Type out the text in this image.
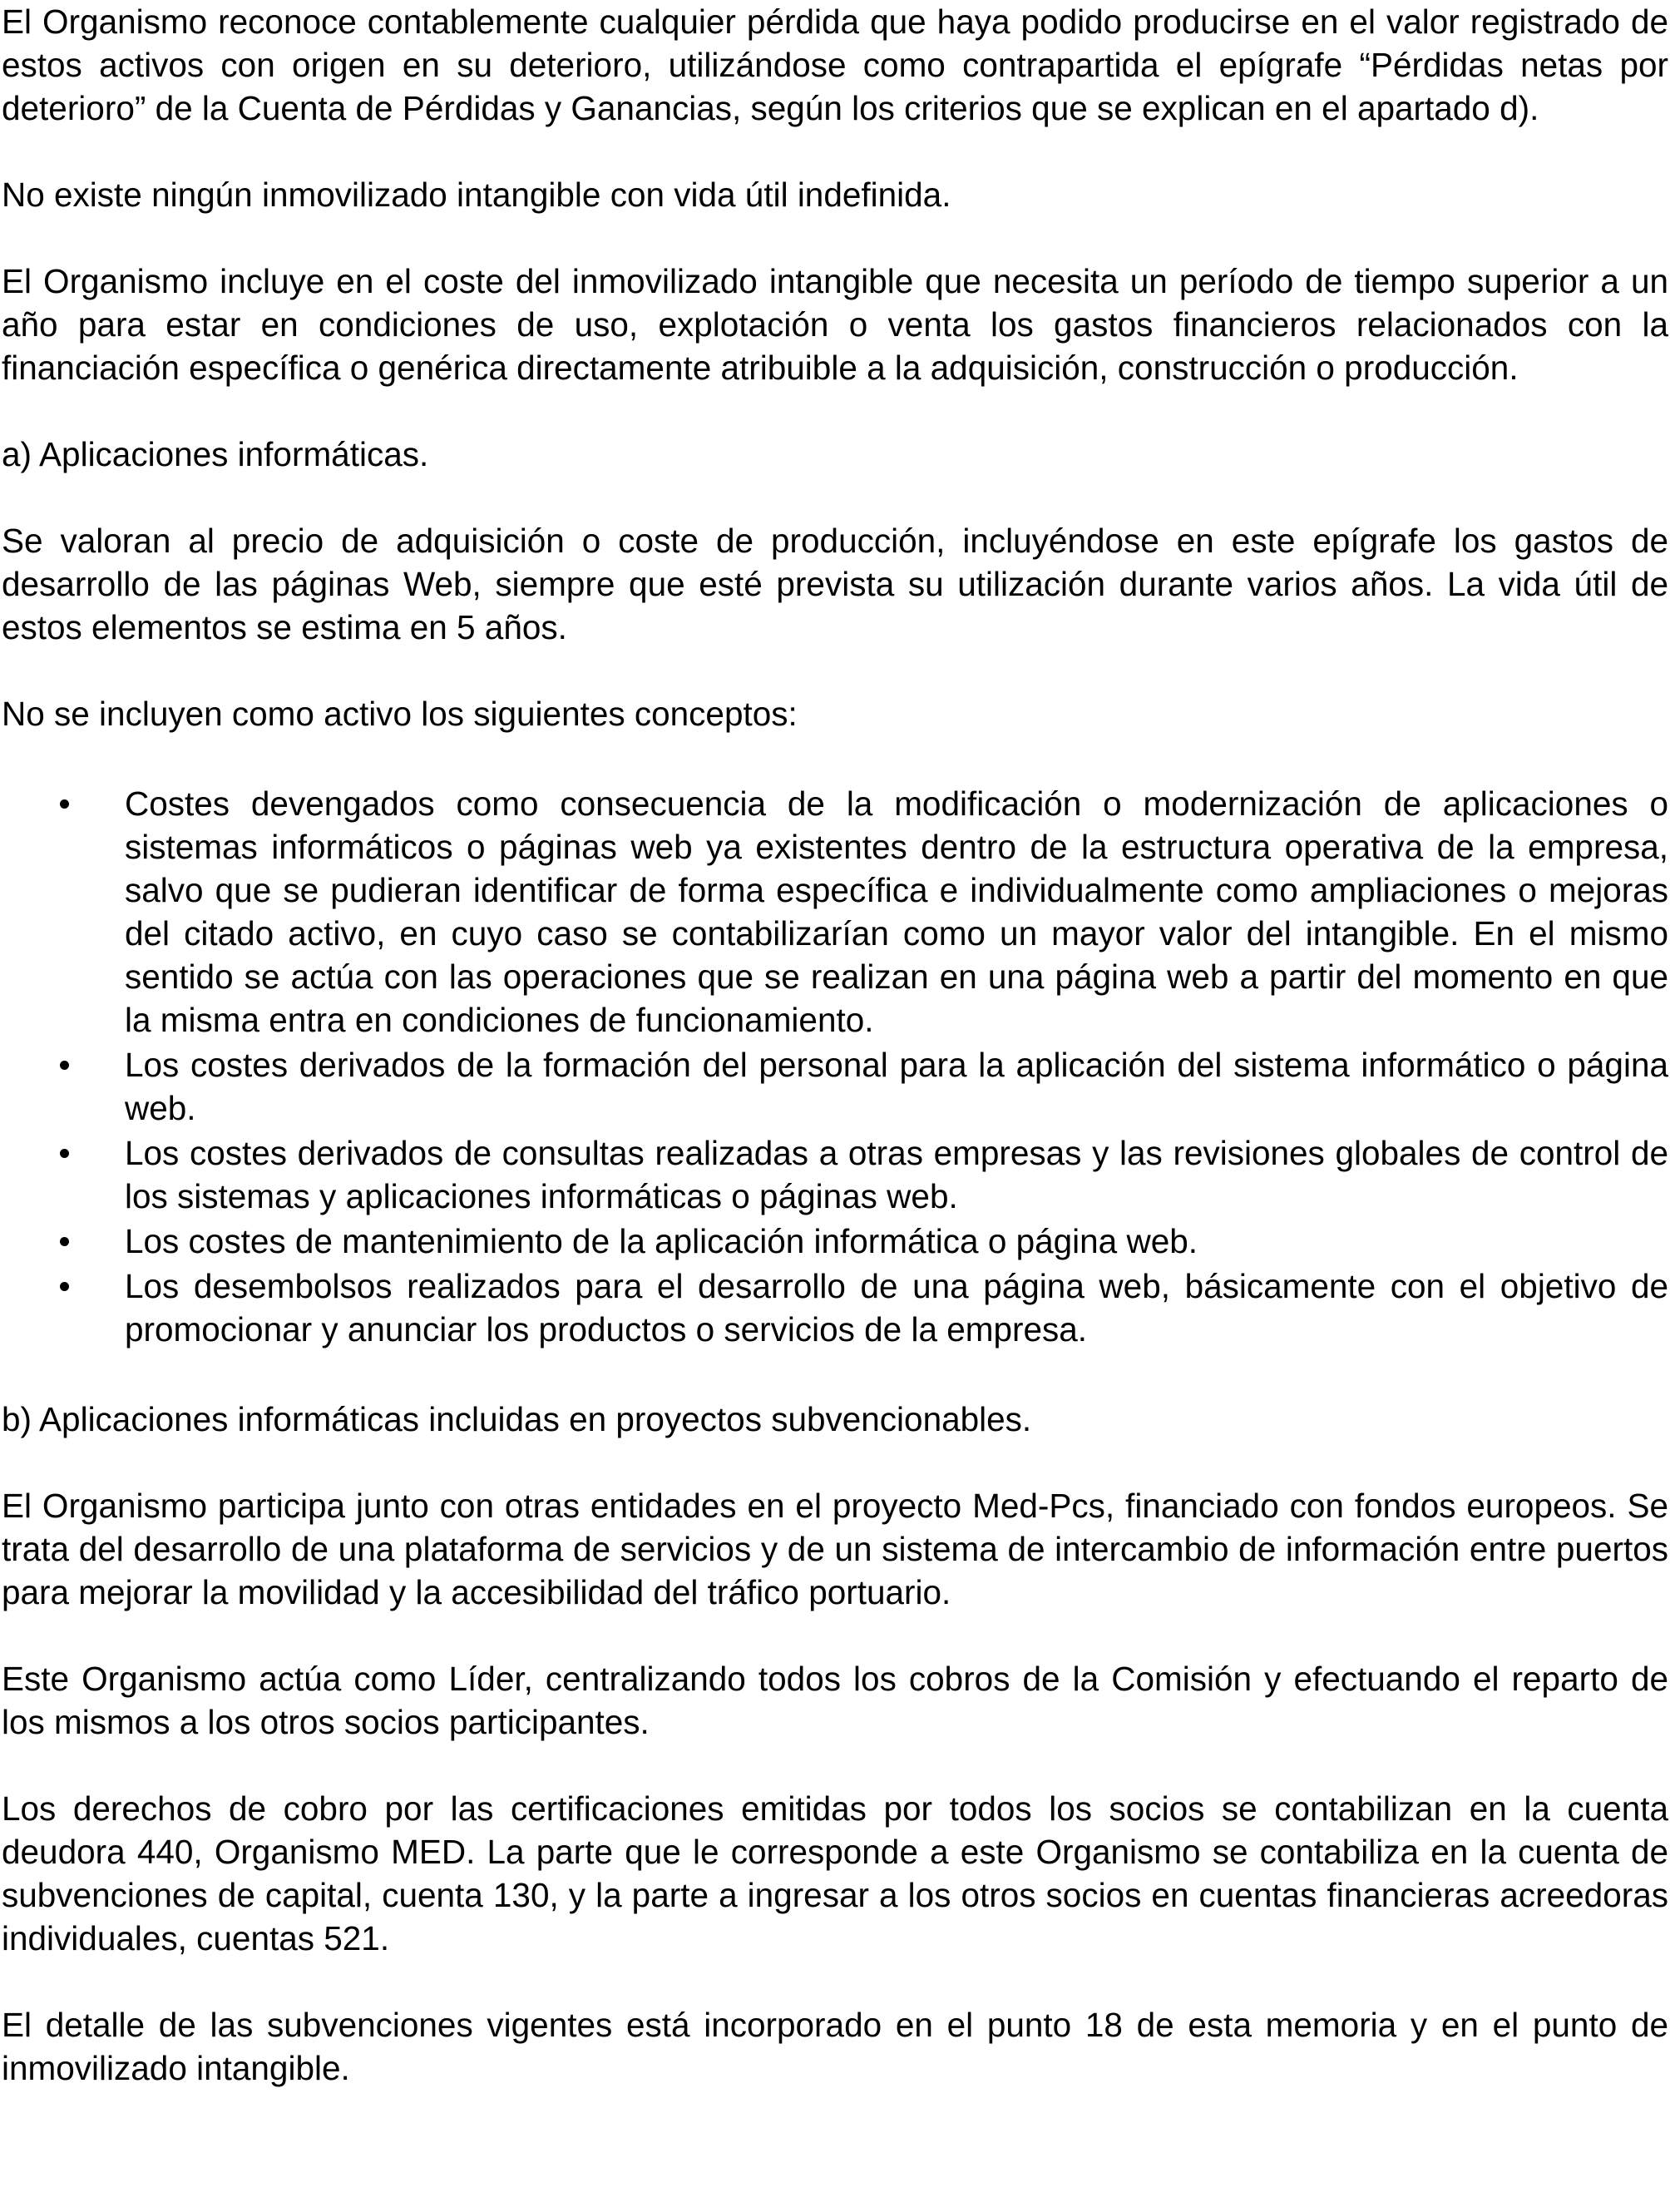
El Organismo reconoce contablemente cualquier pérdida que haya podido producirse en el valor registrado de estos activos con origen en su deterioro, utilizándose como contrapartida el epígrafe “Pérdidas netas por deterioro” de la Cuenta de Pérdidas y Ganancias, según los criterios que se explican en el apartado d).

No existe ningún inmovilizado intangible con vida útil indefinida.

El Organismo incluye en el coste del inmovilizado intangible que necesita un período de tiempo superior a un año para estar en condiciones de uso, explotación o venta los gastos financieros relacionados con la financiación específica o genérica directamente atribuible a la adquisición, construcción o producción.

a) Aplicaciones informáticas.

Se valoran al precio de adquisición o coste de producción, incluyéndose en este epígrafe los gastos de desarrollo de las páginas Web, siempre que esté prevista su utilización durante varios años. La vida útil de estos elementos se estima en 5 años.

No se incluyen como activo los siguientes conceptos:

Costes devengados como consecuencia de la modificación o modernización de aplicaciones o sistemas informáticos o páginas web ya existentes dentro de la estructura operativa de la empresa, salvo que se pudieran identificar de forma específica e individualmente como ampliaciones o mejoras del citado activo, en cuyo caso se contabilizarían como un mayor valor del intangible. En el mismo sentido se actúa con las operaciones que se realizan en una página web a partir del momento en que la misma entra en condiciones de funcionamiento.
Los costes derivados de la formación del personal para la aplicación del sistema informático o página web.
Los costes derivados de consultas realizadas a otras empresas y las revisiones globales de control de los sistemas y aplicaciones informáticas o páginas web.
Los costes de mantenimiento de la aplicación informática o página web.
Los desembolsos realizados para el desarrollo de una página web, básicamente con el objetivo de promocionar y anunciar los productos o servicios de la empresa.

b) Aplicaciones informáticas incluidas en proyectos subvencionables.

El Organismo participa junto con otras entidades en el proyecto Med-Pcs, financiado con fondos europeos. Se trata del desarrollo de una plataforma de servicios y de un sistema de intercambio de información entre puertos para mejorar la movilidad y la accesibilidad del tráfico portuario.

Este Organismo actúa como Líder, centralizando todos los cobros de la Comisión y efectuando el reparto de los mismos a los otros socios participantes.

Los derechos de cobro por las certificaciones emitidas por todos los socios se contabilizan en la cuenta deudora 440, Organismo MED. La parte que le corresponde a este Organismo se contabiliza en la cuenta de subvenciones de capital, cuenta 130, y la parte a ingresar a los otros socios en cuentas financieras acreedoras individuales, cuentas 521.

El detalle de las subvenciones vigentes está incorporado en el punto 18 de esta memoria y en el punto de inmovilizado intangible.
